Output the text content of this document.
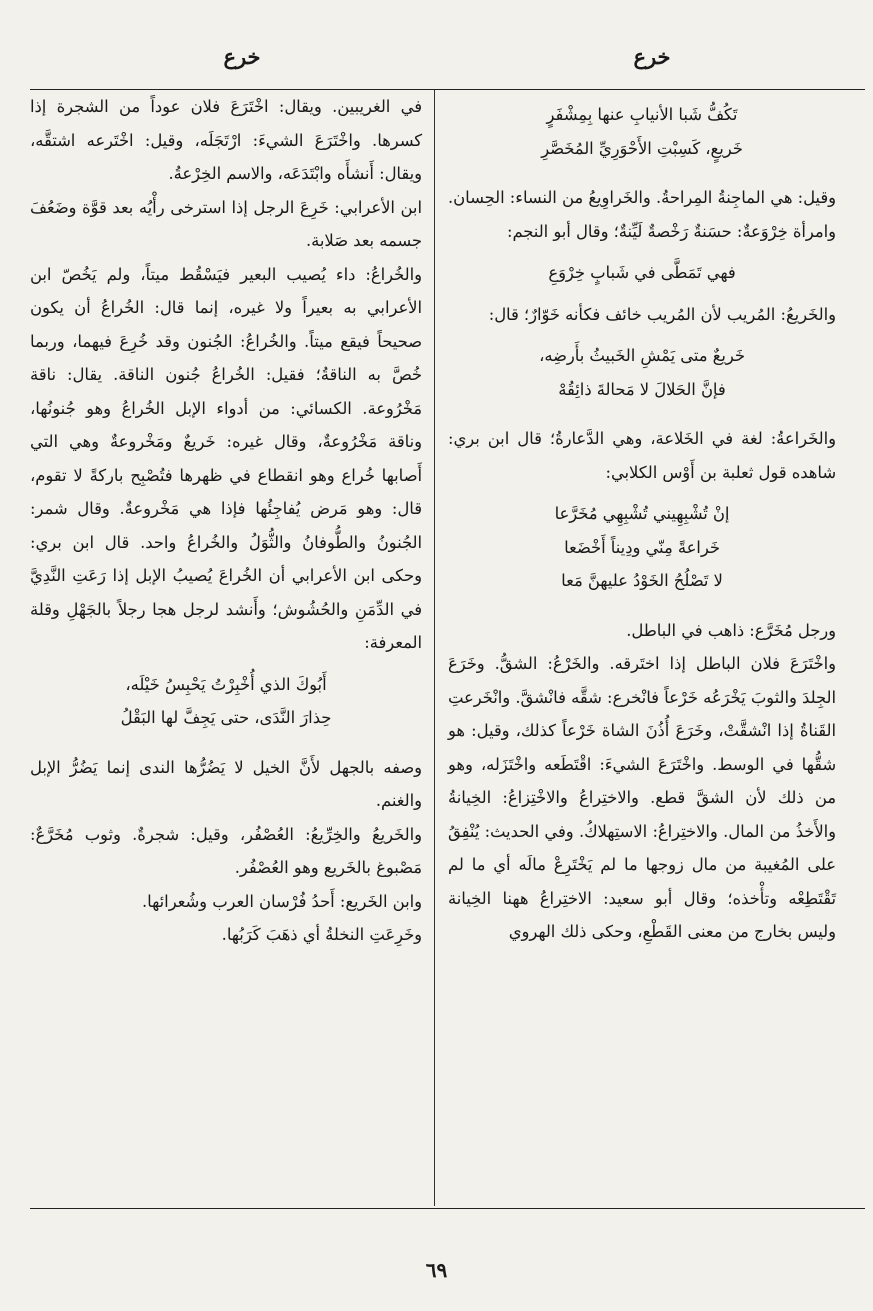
خرع
خرع

تَكُفُّ شَبا الأنيابِ عنها بِمِشْفَرٍ

خَريعٍ، كَسِبْتِ الأَحْوَرِيِّ المُخَصَّرِ

وقيل: هي الماجِنةُ المِراحةُ. والخَراوِيعُ من النساء: الحِسان. وامرأة خِرْوَعةٌ: حسَنةٌ رَخْصةٌ لَيِّنةٌ؛ وقال أبو النجم:

فهي تَمَطَّى في شَبابٍ خِرْوَعِ

والخَريعُ: المُريب لأن المُريب خائف فكأنه خَوّارٌ؛ قال:

خَريعٌ متى يَمْشِ الخَبيثُ بأَرضِه،

فإنَّ الحَلالَ لا مَحالةَ ذائِقُهْ

والخَراعةُ: لغة في الخَلاعة، وهي الدَّعارةُ؛ قال ابن بري: شاهده قول ثعلبة بن أَوْس الكلابي:

إنْ تُشْبِهِيني تُشْبِهِي مُخَرَّعا

خَراعةً مِنّي ودِيناً أَخْضَعا

لا تَصْلُحُ الخَوْدُ عليهنَّ مَعا

ورجل مُخَرَّع: ذاهب في الباطل.

واخْتَرَعَ فلان الباطل إذا اختَرقه. والخَرْعُ: الشقُّ. وخَرَعَ الجِلدَ والثوبَ يَخْرَعُه خَرْعاً فانْخرع: شقَّه فانْشقَّ. وانْخَرعتِ القَناةُ إذا انْشقَّتْ، وخَرَعَ أُذُنَ الشاة خَرْعاً كذلك، وقيل: هو شقُّها في الوسط. واخْتَرَعَ الشيءَ: اقْتَطَعه واخْتَزَله، وهو من ذلك لأن الشقَّ قطع. والاختِراعُ والاخْتِزاعُ: الخِيانةُ والأَخذُ من المال. والاختِراعُ: الاستِهلاكُ. وفي الحديث: يُنْفِقُ على المُغيبة من مال زوجها ما لم يَخْتَرِعْ مالَه أي ما لم تَقْتَطِعْه وتأْخذه؛ وقال أبو سعيد: الاختِراعُ ههنا الخِيانة وليس بخارج من معنى القَطْعِ، وحكى ذلك الهروي

في الغريبين. ويقال: اخْتَرَعَ فلان عوداً من الشجرة إذا كسرها. واخْتَرَعَ الشيءَ: ارْتَجَلَه، وقيل: اخْتَرعه اشتقَّه، ويقال: أَنشأَه وابْتَدَعَه، والاسم الخِرْعةُ.

ابن الأعرابي: خَرِعَ الرجل إذا استرخى رأْيُه بعد قوَّة وضَعُفَ جسمه بعد صَلابة.

والخُراعُ: داء يُصيب البعير فيَسْقُط ميتاً، ولم يَخُصّ ابن الأعرابي به بعيراً ولا غيره، إنما قال: الخُراعُ أن يكون صحيحاً فيقع ميتاً. والخُراعُ: الجُنون وقد خُرِعَ فيهما، وربما خُصَّ به الناقةُ؛ فقيل: الخُراعُ جُنون الناقة. يقال: ناقة مَخْرُوعة. الكسائي: من أدواء الإبل الخُراعُ وهو جُنونُها، وناقة مَخْرُوعةٌ، وقال غيره: خَريعٌ ومَخْروعةٌ وهي التي أَصابها خُراع وهو انقطاع في ظهرها فتُصْبِح باركةً لا تقوم، قال: وهو مَرض يُفاجِئُها فإذا هي مَخْروعةٌ. وقال شمر: الجُنونُ والطُّوفانُ والثُّوَلُ والخُراعُ واحد. قال ابن بري: وحكى ابن الأعرابي أن الخُراعَ يُصيبُ الإبل إذا رَعَتِ النَّدِيَّ في الدِّمَنِ والحُشُوش؛ وأَنشد لرجل هجا رجلاً بالجَهْلِ وقلة المعرفة:

أَبُوكَ الذي أُخْبِرْتُ يَحْبِسُ خَيْلَه،

حِذارَ النَّدَى، حتى يَجِفَّ لها البَقْلُ

وصفه بالجهل لأَنَّ الخيل لا يَضُرُّها الندى إنما يَضُرُّ الإبل والغنم.

والخَريعُ والخِرِّيعُ: العُصْفُر، وقيل: شجرةٌ. وثوب مُخَرَّعٌ: مَصْبوغ بالخَريع وهو العُصْفُر.

وابن الخَريع: أَحدُ فُرْسان العرب وشُعرائها.

وخَرِعَتِ النخلةُ أي ذهَبَ كَرَبُها.

٦٩
